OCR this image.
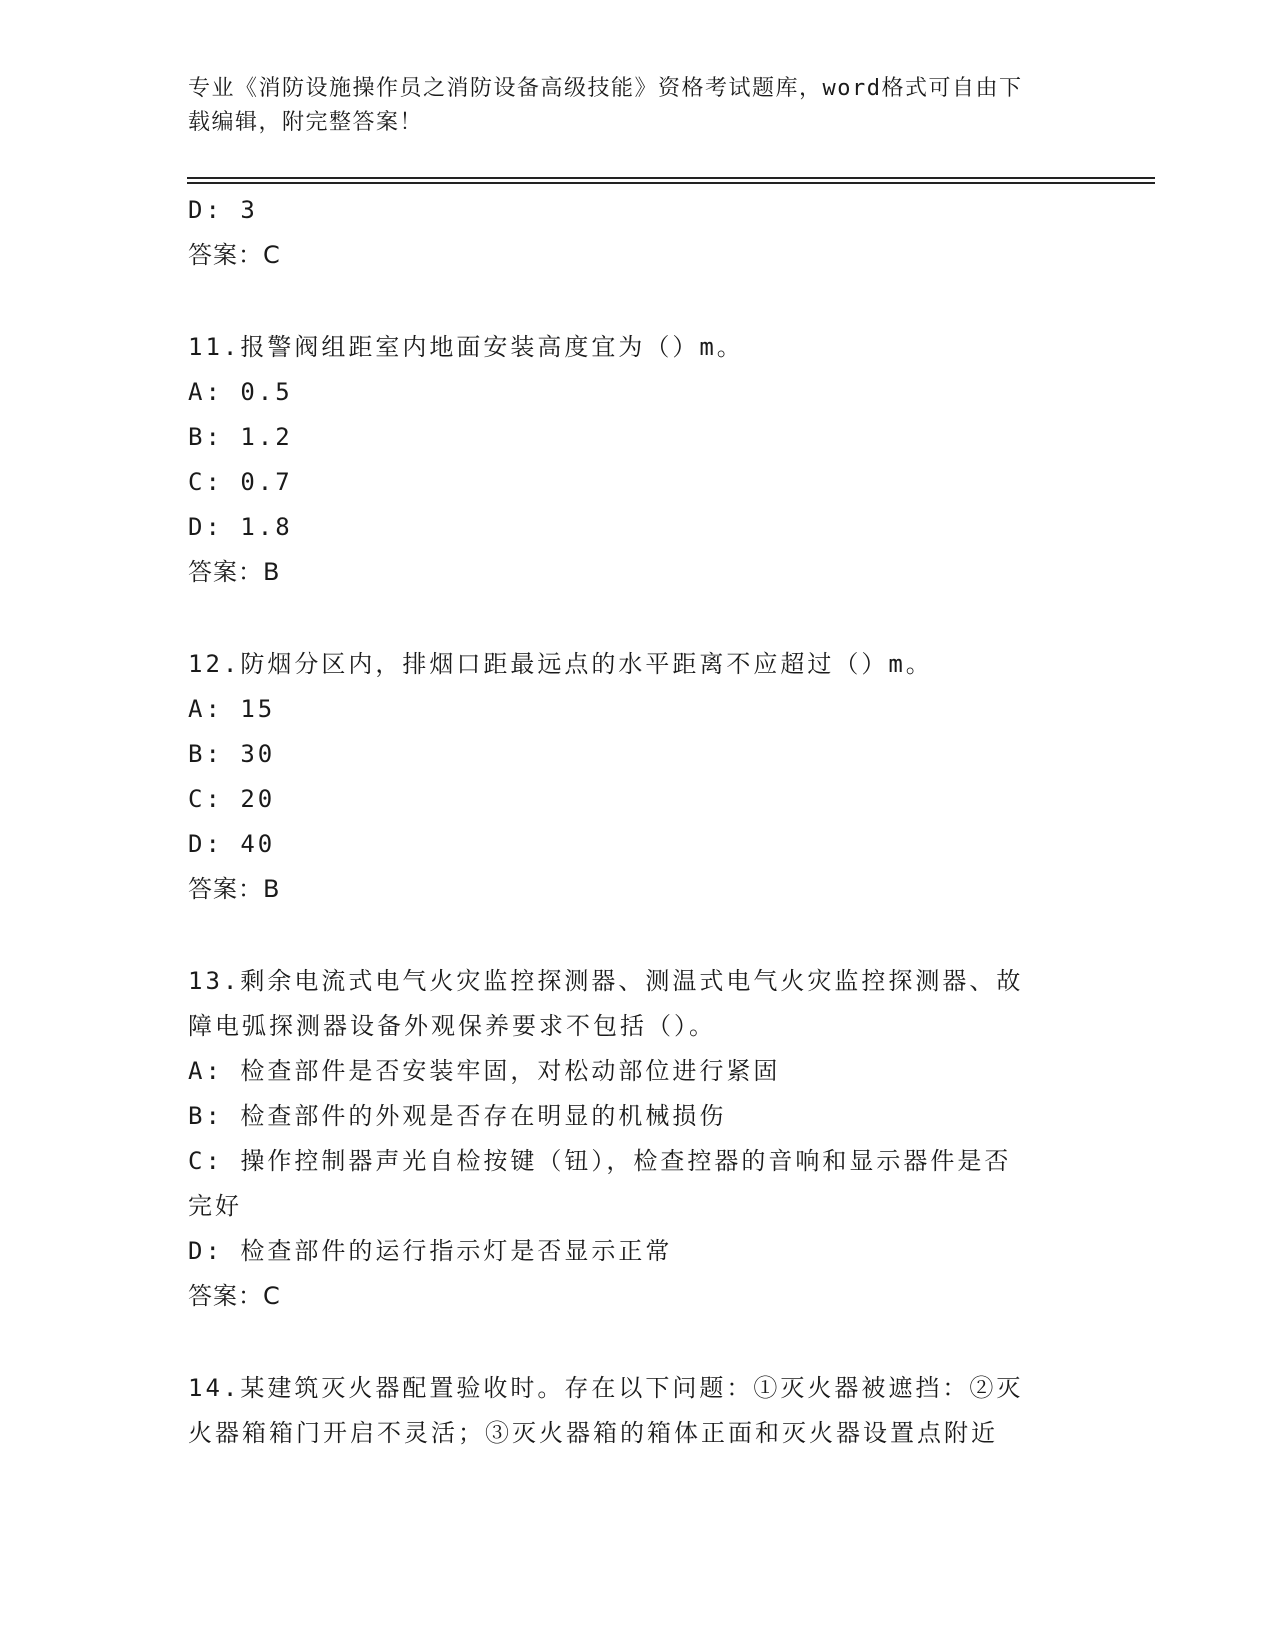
专业《消防设施操作员之消防设备高级技能》资格考试题库，word格式可自由下
载编辑，附完整答案！
D: 3
答案：C
11.报警阀组距室内地面安装高度宜为（）m。
A: 0.5
B: 1.2
C: 0.7
D: 1.8
答案：B
12.防烟分区内，排烟口距最远点的水平距离不应超过（）m。
A: 15
B: 30
C: 20
D: 40
答案：B
13.剩余电流式电气火灾监控探测器、测温式电气火灾监控探测器、故
障电弧探测器设备外观保养要求不包括（）。
A: 检查部件是否安装牢固，对松动部位进行紧固
B: 检查部件的外观是否存在明显的机械损伤
C: 操作控制器声光自检按键（钮），检查控器的音响和显示器件是否
完好
D: 检查部件的运行指示灯是否显示正常
答案：C
14.某建筑灭火器配置验收时。存在以下问题：①灭火器被遮挡：②灭
火器箱箱门开启不灵活；③灭火器箱的箱体正面和灭火器设置点附近
